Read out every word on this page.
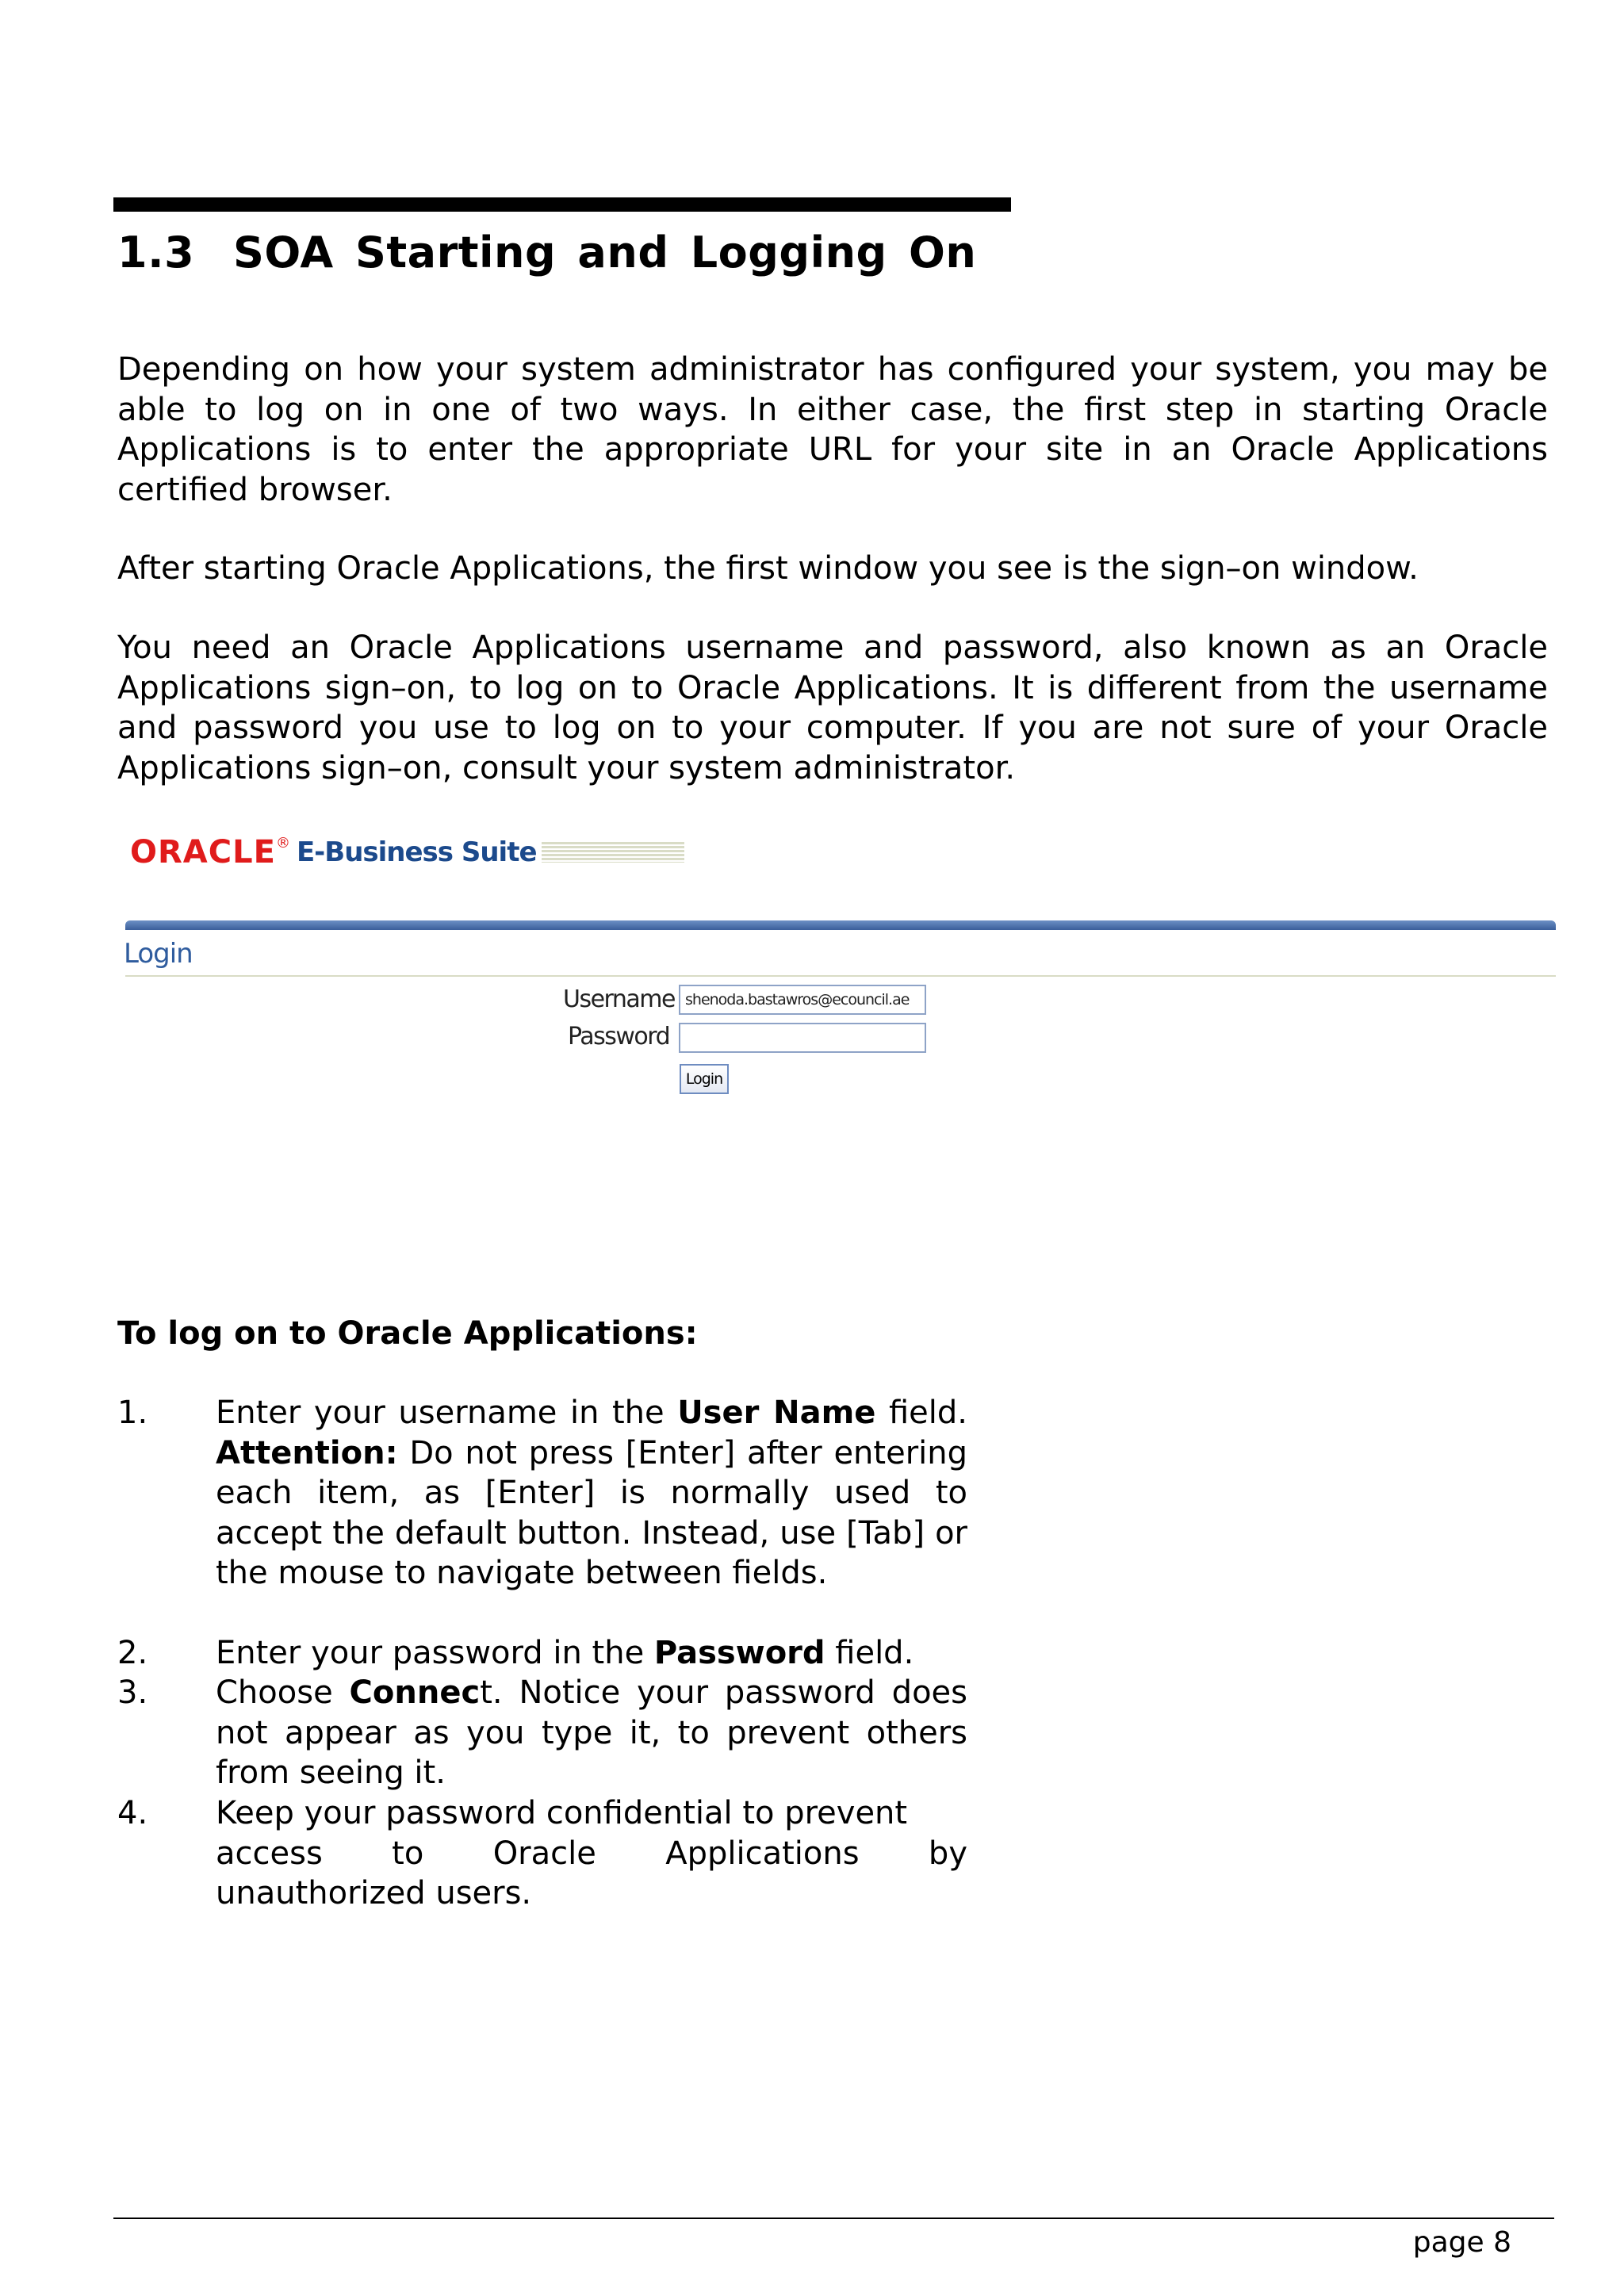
1.3 SOA Starting and Logging On

Depending on how your system administrator has configured your system, you may be able to log on in one of two ways. In either case, the first step in starting Oracle Applications is to enter the appropriate URL for your site in an Oracle Applications certified browser.

After starting Oracle Applications, the first window you see is the sign–on window.

You need an Oracle Applications username and password, also known as an Oracle Applications sign–on, to log on to Oracle Applications. It is different from the username and password you use to log on to your computer. If you are not sure of your Oracle Applications sign–on, consult your system administrator.

ORACLE ® E-Business Suite
Login
Username shenoda.bastawros@ecouncil.ae
Password
Login

To log on to Oracle Applications:

1. Enter your username in the User Name field. Attention: Do not press [Enter] after entering each item, as [Enter] is normally used to accept the default button. Instead, use [Tab] or the mouse to navigate between fields.

2. Enter your password in the Password field.

3. Choose Connect. Notice your password does not appear as you type it, to prevent others from seeing it.

4. Keep your password confidential to prevent
access to Oracle Applications by
unauthorized users.
page 8
